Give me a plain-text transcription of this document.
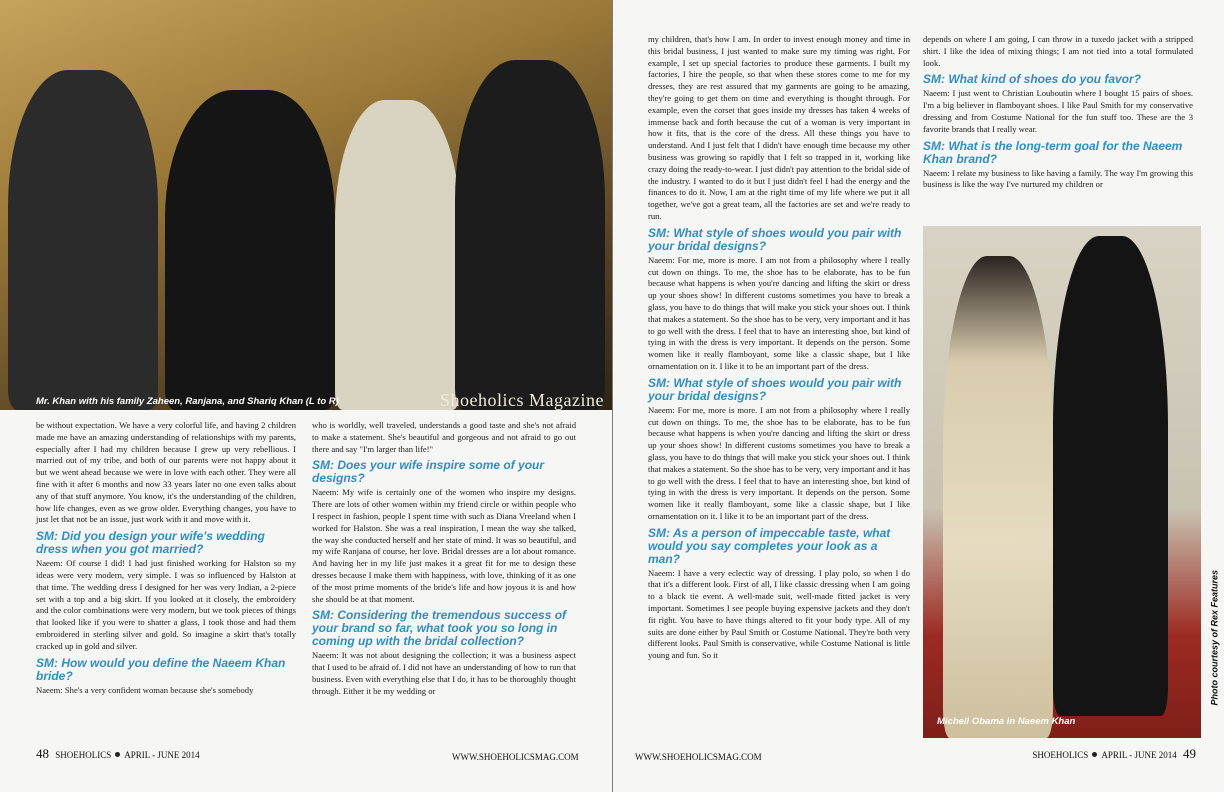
Mr. Khan with his family Zaheen, Ranjana, and Shariq Khan (L to R)	Shoeholics Magazine

be without expectation. We have a very colorful life, and having 2 children made me have an amazing understanding of relationships with my parents, especially after I had my children because I grew up very rebellious. I married out of my tribe, and both of our parents were not happy about it but we went ahead because we were in love with each other. They were all fine with it after 6 months and now 33 years later no one even talks about any of that stuff anymore. You know, it's the understanding of the children, how life changes, even as we grow older. Everything changes, you have to just let that not be an issue, just work with it and move with it.

SM: Did you design your wife's wedding dress when you got married?

Naeem: Of course I did! I had just finished working for Halston so my ideas were very modern, very simple. I was so influenced by Halston at that time. The wedding dress I designed for her was very Indian, a 2-piece set with a top and a big skirt. If you looked at it closely, the embroidery and the color combinations were very modern, but we took pieces of things that looked like if you were to shatter a glass, I took those and had them embroidered in sterling silver and gold. So imagine a skirt that's totally cracked up in gold and silver.

SM: How would you define the Naeem Khan bride?

Naeem: She's a very confident woman because she's somebody

who is worldly, well traveled, understands a good taste and she's not afraid to make a statement. She's beautiful and gorgeous and not afraid to go out there and say "I'm larger than life!"

SM: Does your wife inspire some of your designs?

Naeem: My wife is certainly one of the women who inspire my designs. There are lots of other women within my friend circle or within people who I respect in fashion, people I spent time with such as Diana Vreeland when I worked for Halston. She was a real inspiration, I mean the way she talked, the way she conducted herself and her state of mind. It was so beautiful, and my wife Ranjana of course, her love. Bridal dresses are a lot about romance. And having her in my life just makes it a great fit for me to design these dresses because I make them with happiness, with love, thinking of it as one of the most prime moments of the bride's life and how joyous it is and how she should be at that moment.

SM: Considering the tremendous success of your brand so far, what took you so long in coming up with the bridal collection?

Naeem: It was not about designing the collection; it was a business aspect that I used to be afraid of. I did not have an understanding of how to run that business. Even with everything else that I do, it has to be thoroughly thought through. Either it be my wedding or

48 SHOEHOLICS APRIL - JUNE 2014	WWW.SHOEHOLICSMAG.COM

my children, that's how I am. In order to invest enough money and time in this bridal business, I just wanted to make sure my timing was right. For example, I set up special factories to produce these garments. I built my factories, I hire the people, so that when these stores come to me for my dresses, they are rest assured that my garments are going to be amazing, they're going to get them on time and everything is thought through. For example, even the corset that goes inside my dresses has taken 4 weeks of immense back and forth because the cut of a woman is very important in how it fits, that is the core of the dress. All these things you have to understand. And I just felt that I didn't have enough time because my other business was growing so rapidly that I felt so trapped in it, working like crazy doing the ready-to-wear. I just didn't pay attention to the bridal side of the industry. I wanted to do it but I just didn't feel I had the energy and the finances to do it. Now, I am at the right time of my life where we put it all together, we've got a great team, all the factories are set and we're ready to run.

SM: What style of shoes would you pair with your bridal designs?

Naeem: For me, more is more. I am not from a philosophy where I really cut down on things. To me, the shoe has to be elaborate, has to be fun because what happens is when you're dancing and lifting the skirt or dress up your shoes show! In different customs sometimes you have to break a glass, you have to do things that will make you stick your shoes out. I think that makes a statement. So the shoe has to be very, very important and it has to go well with the dress. I feel that to have an interesting shoe, but kind of tying in with the dress is very important. It depends on the person. Some women like it really flamboyant, some like a classic shape, but I like ornamentation on it. I like it to be an important part of the dress.

SM: What style of shoes would you pair with your bridal designs?

Naeem: For me, more is more. I am not from a philosophy where I really cut down on things. To me, the shoe has to be elaborate, has to be fun because what happens is when you're dancing and lifting the skirt or dress up your shoes show! In different customs sometimes you have to break a glass, you have to do things that will make you stick your shoes out. I think that makes a statement. So the shoe has to be very, very important and it has to go well with the dress. I feel that to have an interesting shoe, but kind of tying in with the dress is very important. It depends on the person. Some women like it really flamboyant, some like a classic shape, but I like ornamentation on it. I like it to be an important part of the dress.

SM: As a person of impeccable taste, what would you say completes your look as a man?

Naeem: I have a very eclectic way of dressing. I play polo, so when I do that it's a different look. First of all, I like classic dressing when I am going to a black tie event. A well-made suit, well-made fitted jacket is very important. Sometimes I see people buying expensive jackets and they don't fit right. You have to have things altered to fit your body type. All of my suits are done either by Paul Smith or Costume National. They're both very different looks. Paul Smith is conservative, while Costume National is little young and fun. So it

depends on where I am going, I can throw in a tuxedo jacket with a stripped shirt. I like the idea of mixing things; I am not tied into a total formulated look.

SM: What kind of shoes do you favor?

Naeem: I just went to Christian Louboutin where I bought 15 pairs of shoes. I'm a big believer in flamboyant shoes. I like Paul Smith for my conservative dressing and from Costume National for the fun stuff too. These are the 3 favorite brands that I really wear.

SM: What is the long-term goal for the Naeem Khan brand?

Naeem: I relate my business to like having a family. The way I'm growing this business is like the way I've nurtured my children or

Michell Obama in Naeem Khan
Photo courtesy of Rex Features
WWW.SHOEHOLICSMAG.COM	SHOEHOLICS APRIL - JUNE 2014 49
